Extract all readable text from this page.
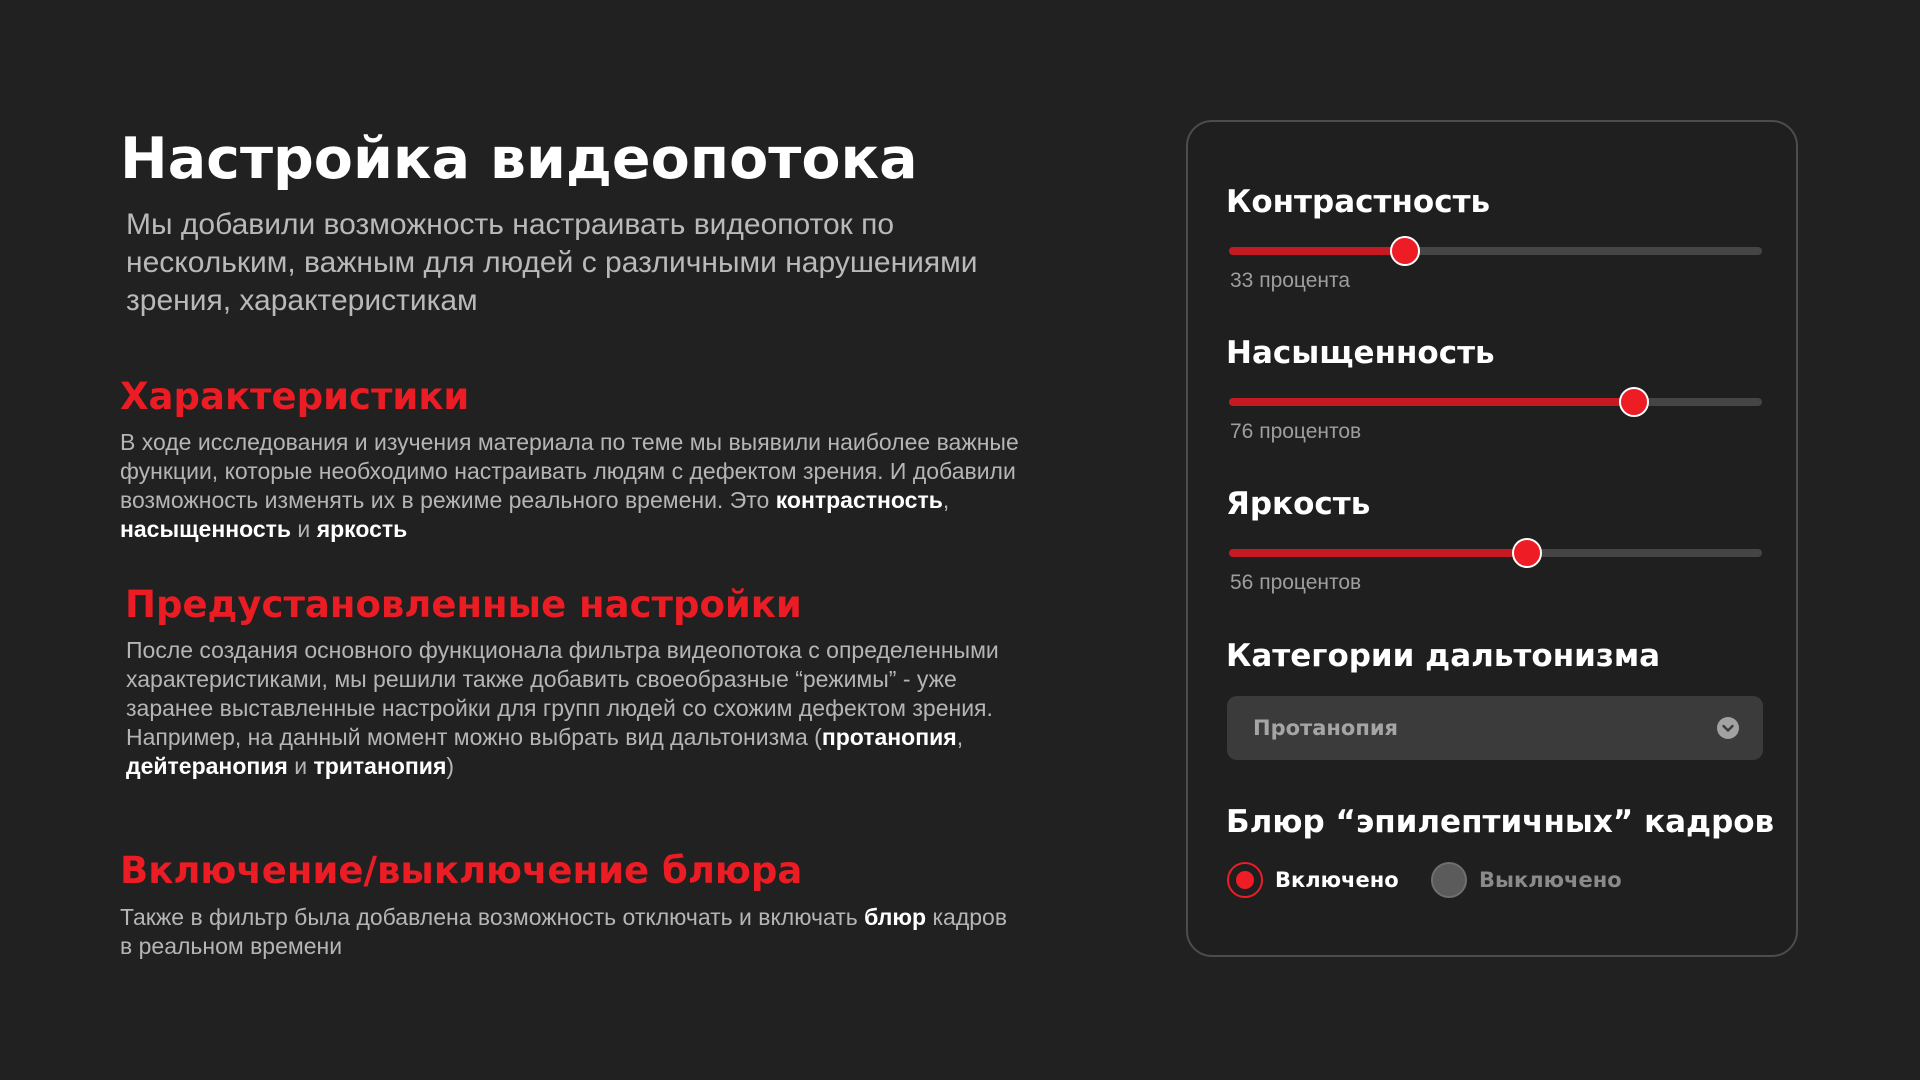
Настройка видеопотока

Мы добавили возможность настраивать видеопоток по нескольким, важным для людей с различными нарушениями зрения, характеристикам

Характеристики

В ходе исследования и изучения материала по теме мы выявили наиболее важные функции, которые необходимо настраивать людям с дефектом зрения. И добавили возможность изменять их в режиме реального времени. Это контрастность, насыщенность и яркость

Предустановленные настройки

После создания основного функционала фильтра видеопотока с определенными характеристиками, мы решили также добавить своеобразные “режимы” - уже заранее выставленные настройки для групп людей со схожим дефектом зрения. Например, на данный момент можно выбрать вид дальтонизма (протанопия, дейтеранопия и тританопия)

Включение/выключение блюра

Также в фильтр была добавлена возможность отключать и включать блюр кадров в реальном времени

Контрастность
33 процента
Насыщенность
76 процентов
Яркость
56 процентов
Категории дальтонизма
Протанопия
Блюр “эпилептичных” кадров
Включено	Выключено
